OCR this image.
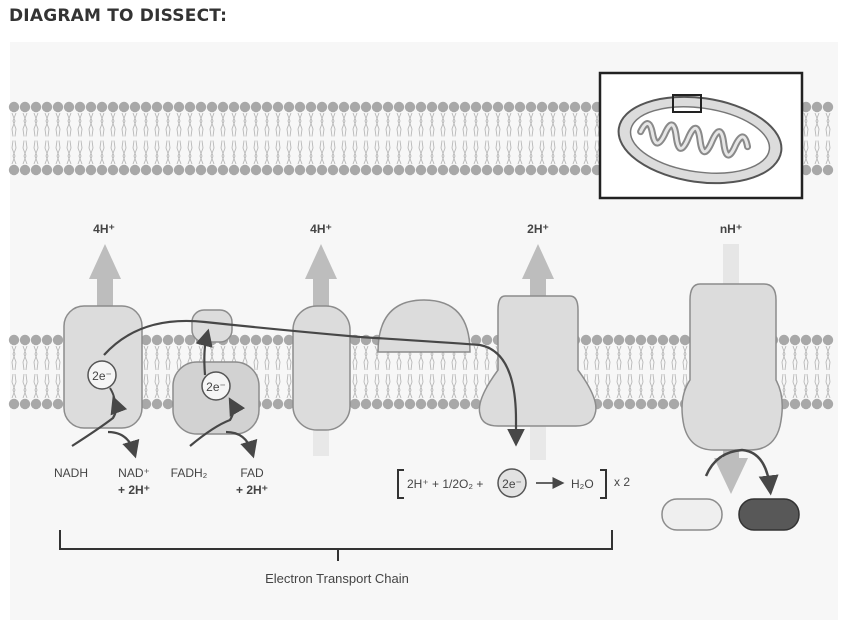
DIAGRAM TO DISSECT:
2e⁻
2e⁻
4H⁺	4H⁺	2H⁺	nH⁺
NADH	NAD⁺
+ 2H⁺
FADH₂	FAD
+ 2H⁺	2H⁺ + 1/2O₂ + 2e⁻	H₂O x 2
Electron Transport Chain
